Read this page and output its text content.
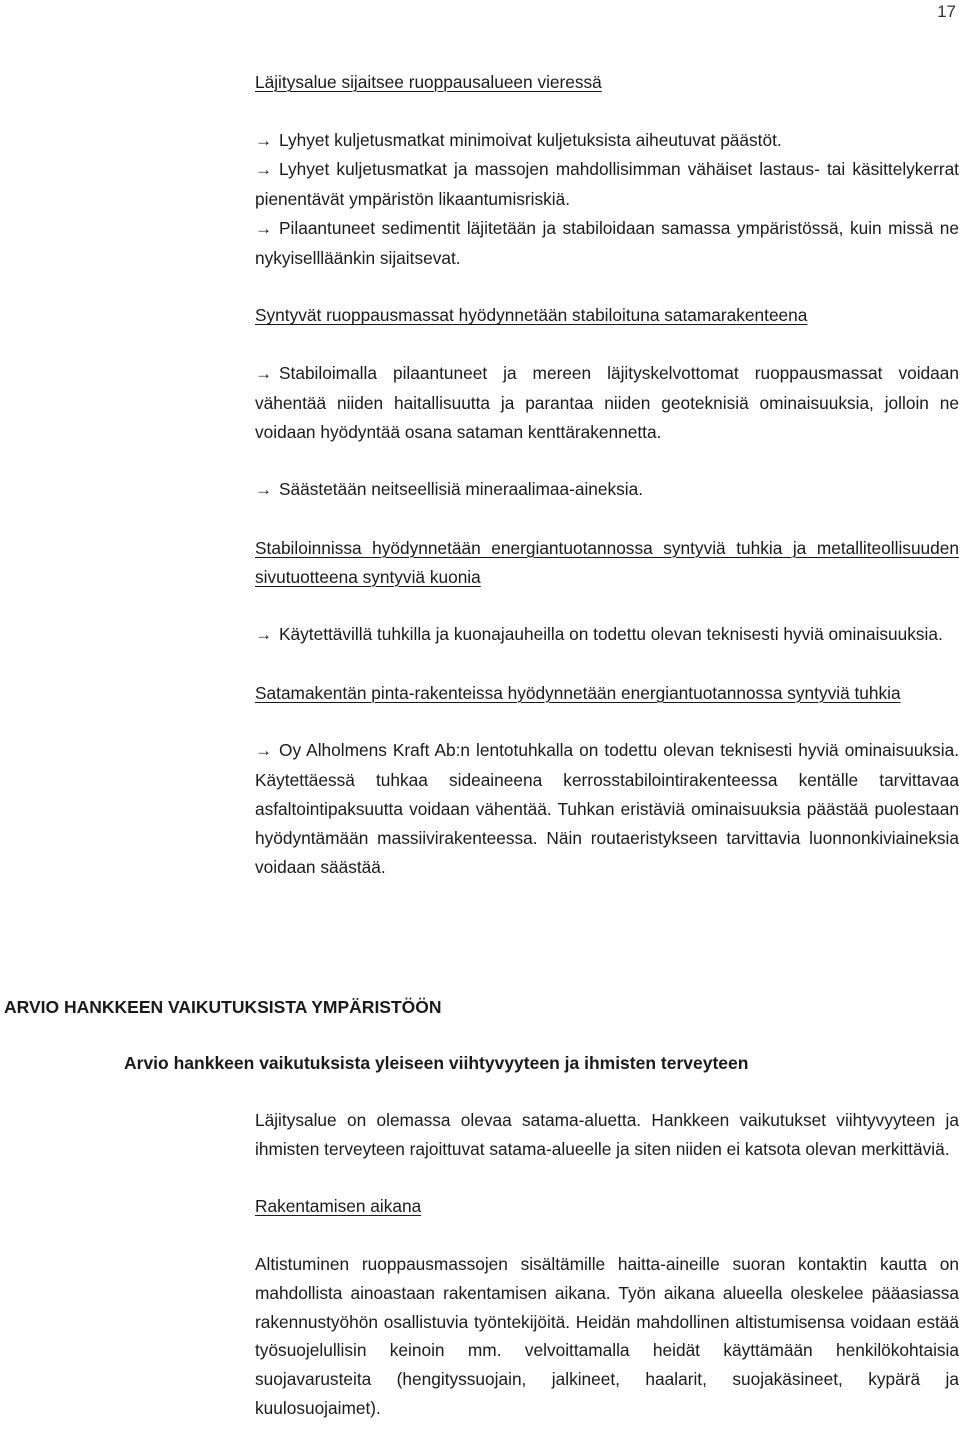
17

Läjitysalue sijaitsee ruoppausalueen vieressä

→ Lyhyet kuljetusmatkat minimoivat kuljetuksista aiheutuvat päästöt.

→ Lyhyet kuljetusmatkat ja massojen mahdollisimman vähäiset lastaus- tai käsittelykerrat pienentävät ympäristön likaantumisriskiä.

→ Pilaantuneet sedimentit läjitetään ja stabiloidaan samassa ympäristössä, kuin missä ne nykyisellläänkin sijaitsevat.

Syntyvät ruoppausmassat hyödynnetään stabiloituna satamarakenteena

→ Stabiloimalla pilaantuneet ja mereen läjityskelvottomat ruoppausmassat voidaan vähentää niiden haitallisuutta ja parantaa niiden geoteknisiä ominaisuuksia, jolloin ne voidaan hyödyntää osana sataman kenttärakennetta.

→ Säästetään neitseellisiä mineraalimaa-aineksia.

Stabiloinnissa hyödynnetään energiantuotannossa syntyviä tuhkia ja metalliteollisuuden sivutuotteena syntyviä kuonia

→ Käytettävillä tuhkilla ja kuonajauheilla on todettu olevan teknisesti hyviä ominaisuuksia.

Satamakentän pinta-rakenteissa hyödynnetään energiantuotannossa syntyviä tuhkia

→ Oy Alholmens Kraft Ab:n lentotuhkalla on todettu olevan teknisesti hyviä ominaisuuksia. Käytettäessä tuhkaa sideaineena kerrosstabilointirakenteessa kentälle tarvittavaa asfaltointipaksuutta voidaan vähentää. Tuhkan eristäviä ominaisuuksia päästää puolestaan hyödyntämään massiivirakenteessa. Näin routaeristykseen tarvittavia luonnonkiviaineksia voidaan säästää.

ARVIO HANKKEEN VAIKUTUKSISTA YMPÄRISTÖÖN
Arvio hankkeen vaikutuksista yleiseen viihtyvyyteen ja ihmisten terveyteen

Läjitysalue on olemassa olevaa satama-aluetta. Hankkeen vaikutukset viihtyvyyteen ja ihmisten terveyteen rajoittuvat satama-alueelle ja siten niiden ei katsota olevan merkittäviä.

Rakentamisen aikana

Altistuminen ruoppausmassojen sisältämille haitta-aineille suoran kontaktin kautta on mahdollista ainoastaan rakentamisen aikana. Työn aikana alueella oleskelee pääasiassa rakennustyöhön osallistuvia työntekijöitä. Heidän mahdollinen altistumisensa voidaan estää työsuojelullisin keinoin mm. velvoittamalla heidät käyttämään henkilökohtaisia suojavarusteita (hengityssuojain, jalkineet, haalarit, suojakäsineet, kypärä ja kuulosuojaimet).
